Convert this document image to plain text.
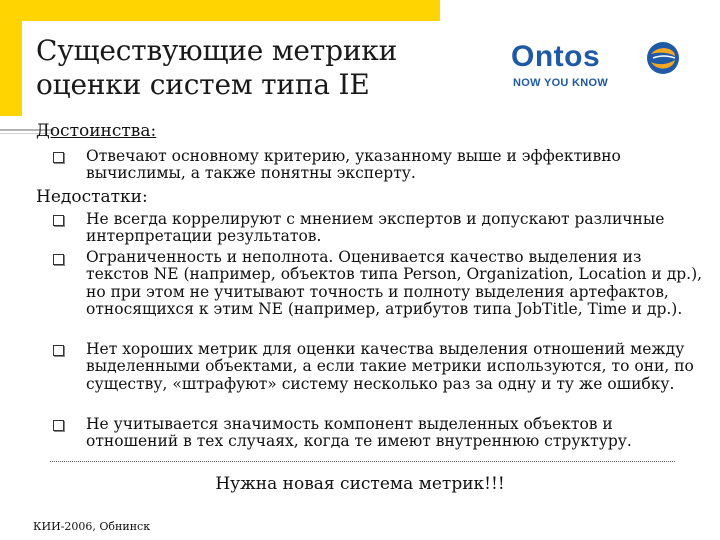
Существующие метрики оценки систем типа IE
Ontos
NOW YOU KNOW
Достоинства:
Отвечают основному критерию, указанному выше и эффективно вычислимы, а также понятны эксперту.
Недостатки:
Не всегда коррелируют с мнением экспертов и допускают различные интерпретации результатов.
Ограниченность и неполнота. Оценивается качество выделения из текстов NE (например, объектов типа Person, Organization, Location и др.), но при этом не учитывают точность и полноту выделения артефактов, относящихся к этим NE (например, атрибутов типа JobTitle, Time и др.).
Нет хороших метрик для оценки качества выделения отношений между выделенными объектами, а если такие метрики используются, то они, по существу, «штрафуют» систему несколько раз за одну и ту же ошибку.
Не учитывается значимость компонент выделенных объектов и отношений в тех случаях, когда те имеют внутреннюю структуру.
Нужна новая система метрик!!!
КИИ-2006, Обнинск
